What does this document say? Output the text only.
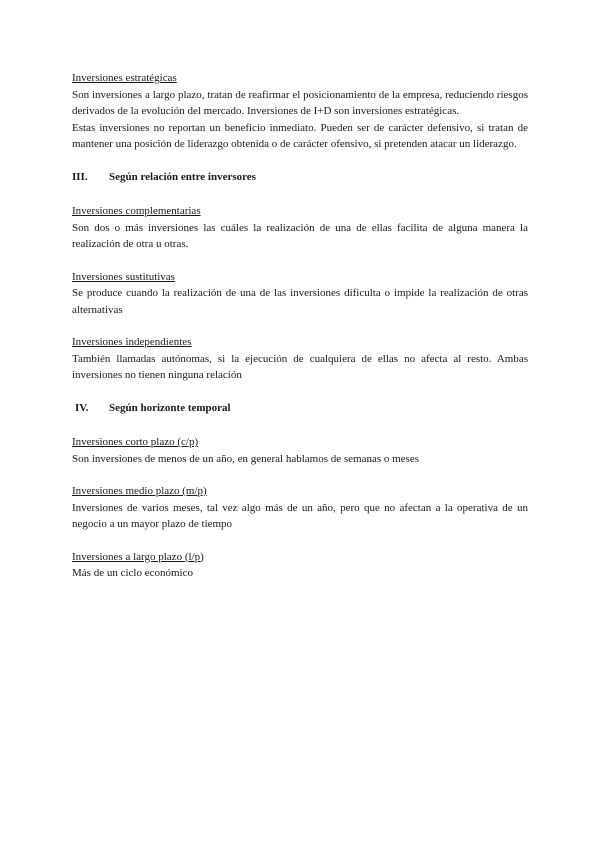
Inversiones estratégicas

Son inversiones a largo plazo, tratan de reafirmar el posicionamiento de la empresa, reduciendo riesgos derivados de la evolución del mercado. Inversiones de I+D son inversiones estratégicas.

Estas inversiones no reportan un beneficio inmediato. Pueden ser de carácter defensivo, si tratan de mantener una posición de liderazgo obtenida o de carácter ofensivo, si pretenden atacar un liderazgo.

III.	Según relación entre inversores

Inversiones complementarias

Son dos o más inversiones las cuáles la realización de una de ellas facilita de alguna manera la realización de otra u otras.

Inversiones sustitutivas

Se produce cuando la realización de una de las inversiones dificulta o impide la realización de otras alternativas

Inversiones independientes

También llamadas autónomas, si la ejecución de cualquiera de ellas no afecta al resto. Ambas inversiones no tienen ninguna relación

IV.	Según horizonte temporal

Inversiones corto plazo (c/p)

Son inversiones de menos de un año, en general hablamos de semanas o meses

Inversiones medio plazo (m/p)

Inversiones de varios meses, tal vez algo más de un año, pero que no afectan a la operativa de un negocio a un mayor plazo de tiempo

Inversiones a largo plazo (l/p)

Más de un ciclo económico
